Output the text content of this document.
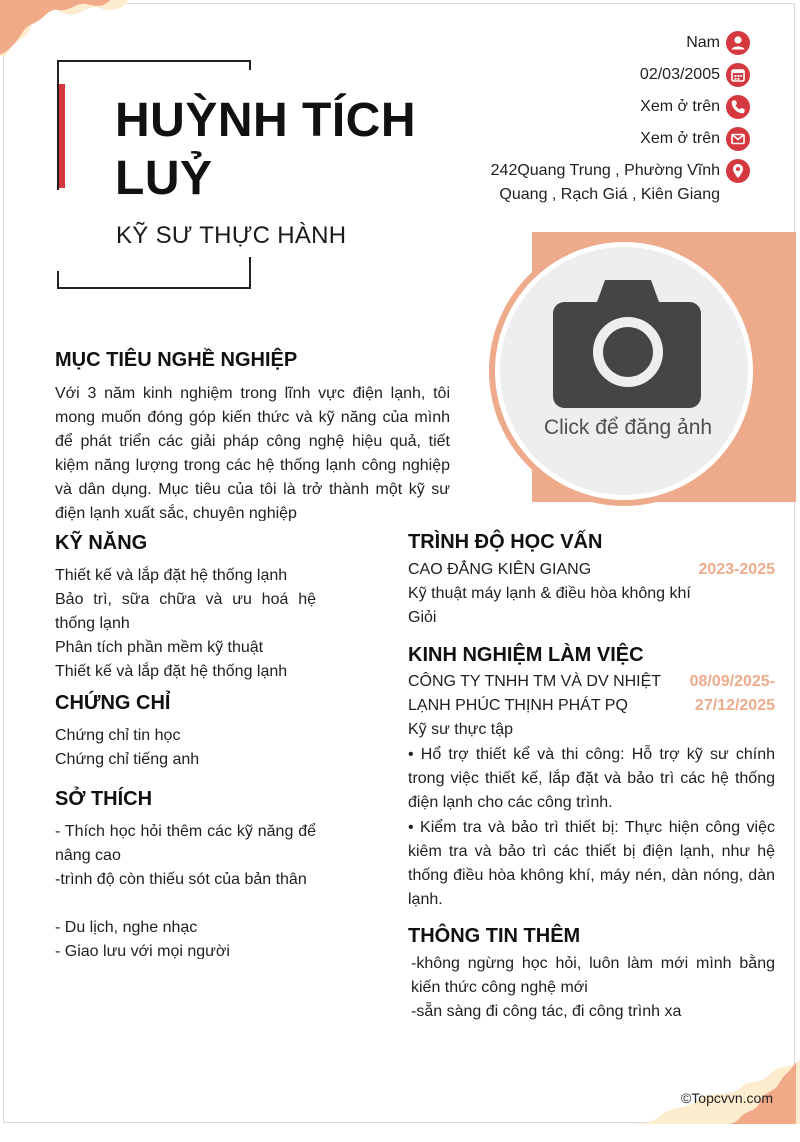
HUỲNH TÍCH LUỶ
KỸ SƯ THỰC HÀNH
Nam
02/03/2005
Xem ở trên
Xem ở trên
242Quang Trung , Phường Vĩnh
Quang , Rạch Giá , Kiên Giang
Click để đăng ảnh
MỤC TIÊU NGHỀ NGHIỆP

Với 3 năm kinh nghiệm trong lĩnh vực điện lạnh, tôi mong muốn đóng góp kiến thức và kỹ năng của mình để phát triển các giải pháp công nghệ hiệu quả, tiết kiệm năng lượng trong các hệ thống lạnh công nghiệp và dân dụng. Mục tiêu của tôi là trở thành một kỹ sư điện lạnh xuất sắc, chuyên nghiệp

KỸ NĂNG
Thiết kế và lắp đặt hệ thống lạnh
Bảo trì, sữa chữa và ưu hoá hệ thống lạnh
Phân tích phần mềm kỹ thuật
Thiết kế và lắp đặt hệ thống lạnh
CHỨNG CHỈ
Chứng chỉ tin học
Chứng chỉ tiếng anh
SỞ THÍCH
- Thích học hỏi thêm các kỹ năng để nâng cao
-trình độ còn thiếu sót của bản thân
- Du lịch, nghe nhạc
- Giao lưu với mọi người
TRÌNH ĐỘ HỌC VẤN
CAO ĐẲNG KIÊN GIANG	2023-2025
Kỹ thuật máy lạnh & điều hòa không khí
Giỏi
KINH NGHIỆM LÀM VIỆC
CÔNG TY TNHH TM VÀ DV NHIỆT LẠNH PHÚC THỊNH PHÁT PQ
08/09/2025-
27/12/2025
Kỹ sư thực tập
• Hổ trợ thiết kể và thi công: Hỗ trợ kỹ sư chính trong việc thiết kế, lắp đặt và bảo trì các hệ thống điện lạnh cho các công trình.
• Kiểm tra và bảo trì thiết bị: Thực hiện công việc kiêm tra và bảo trì các thiết bị điện lạnh, như hệ thống điều hòa không khí, máy nén, dàn nóng, dàn lạnh.
THÔNG TIN THÊM
-không ngừng học hỏi, luôn làm mới mình bằng kiến thức công nghệ mới
-sẵn sàng đi công tác, đi công trình xa
©Topcvvn.com
